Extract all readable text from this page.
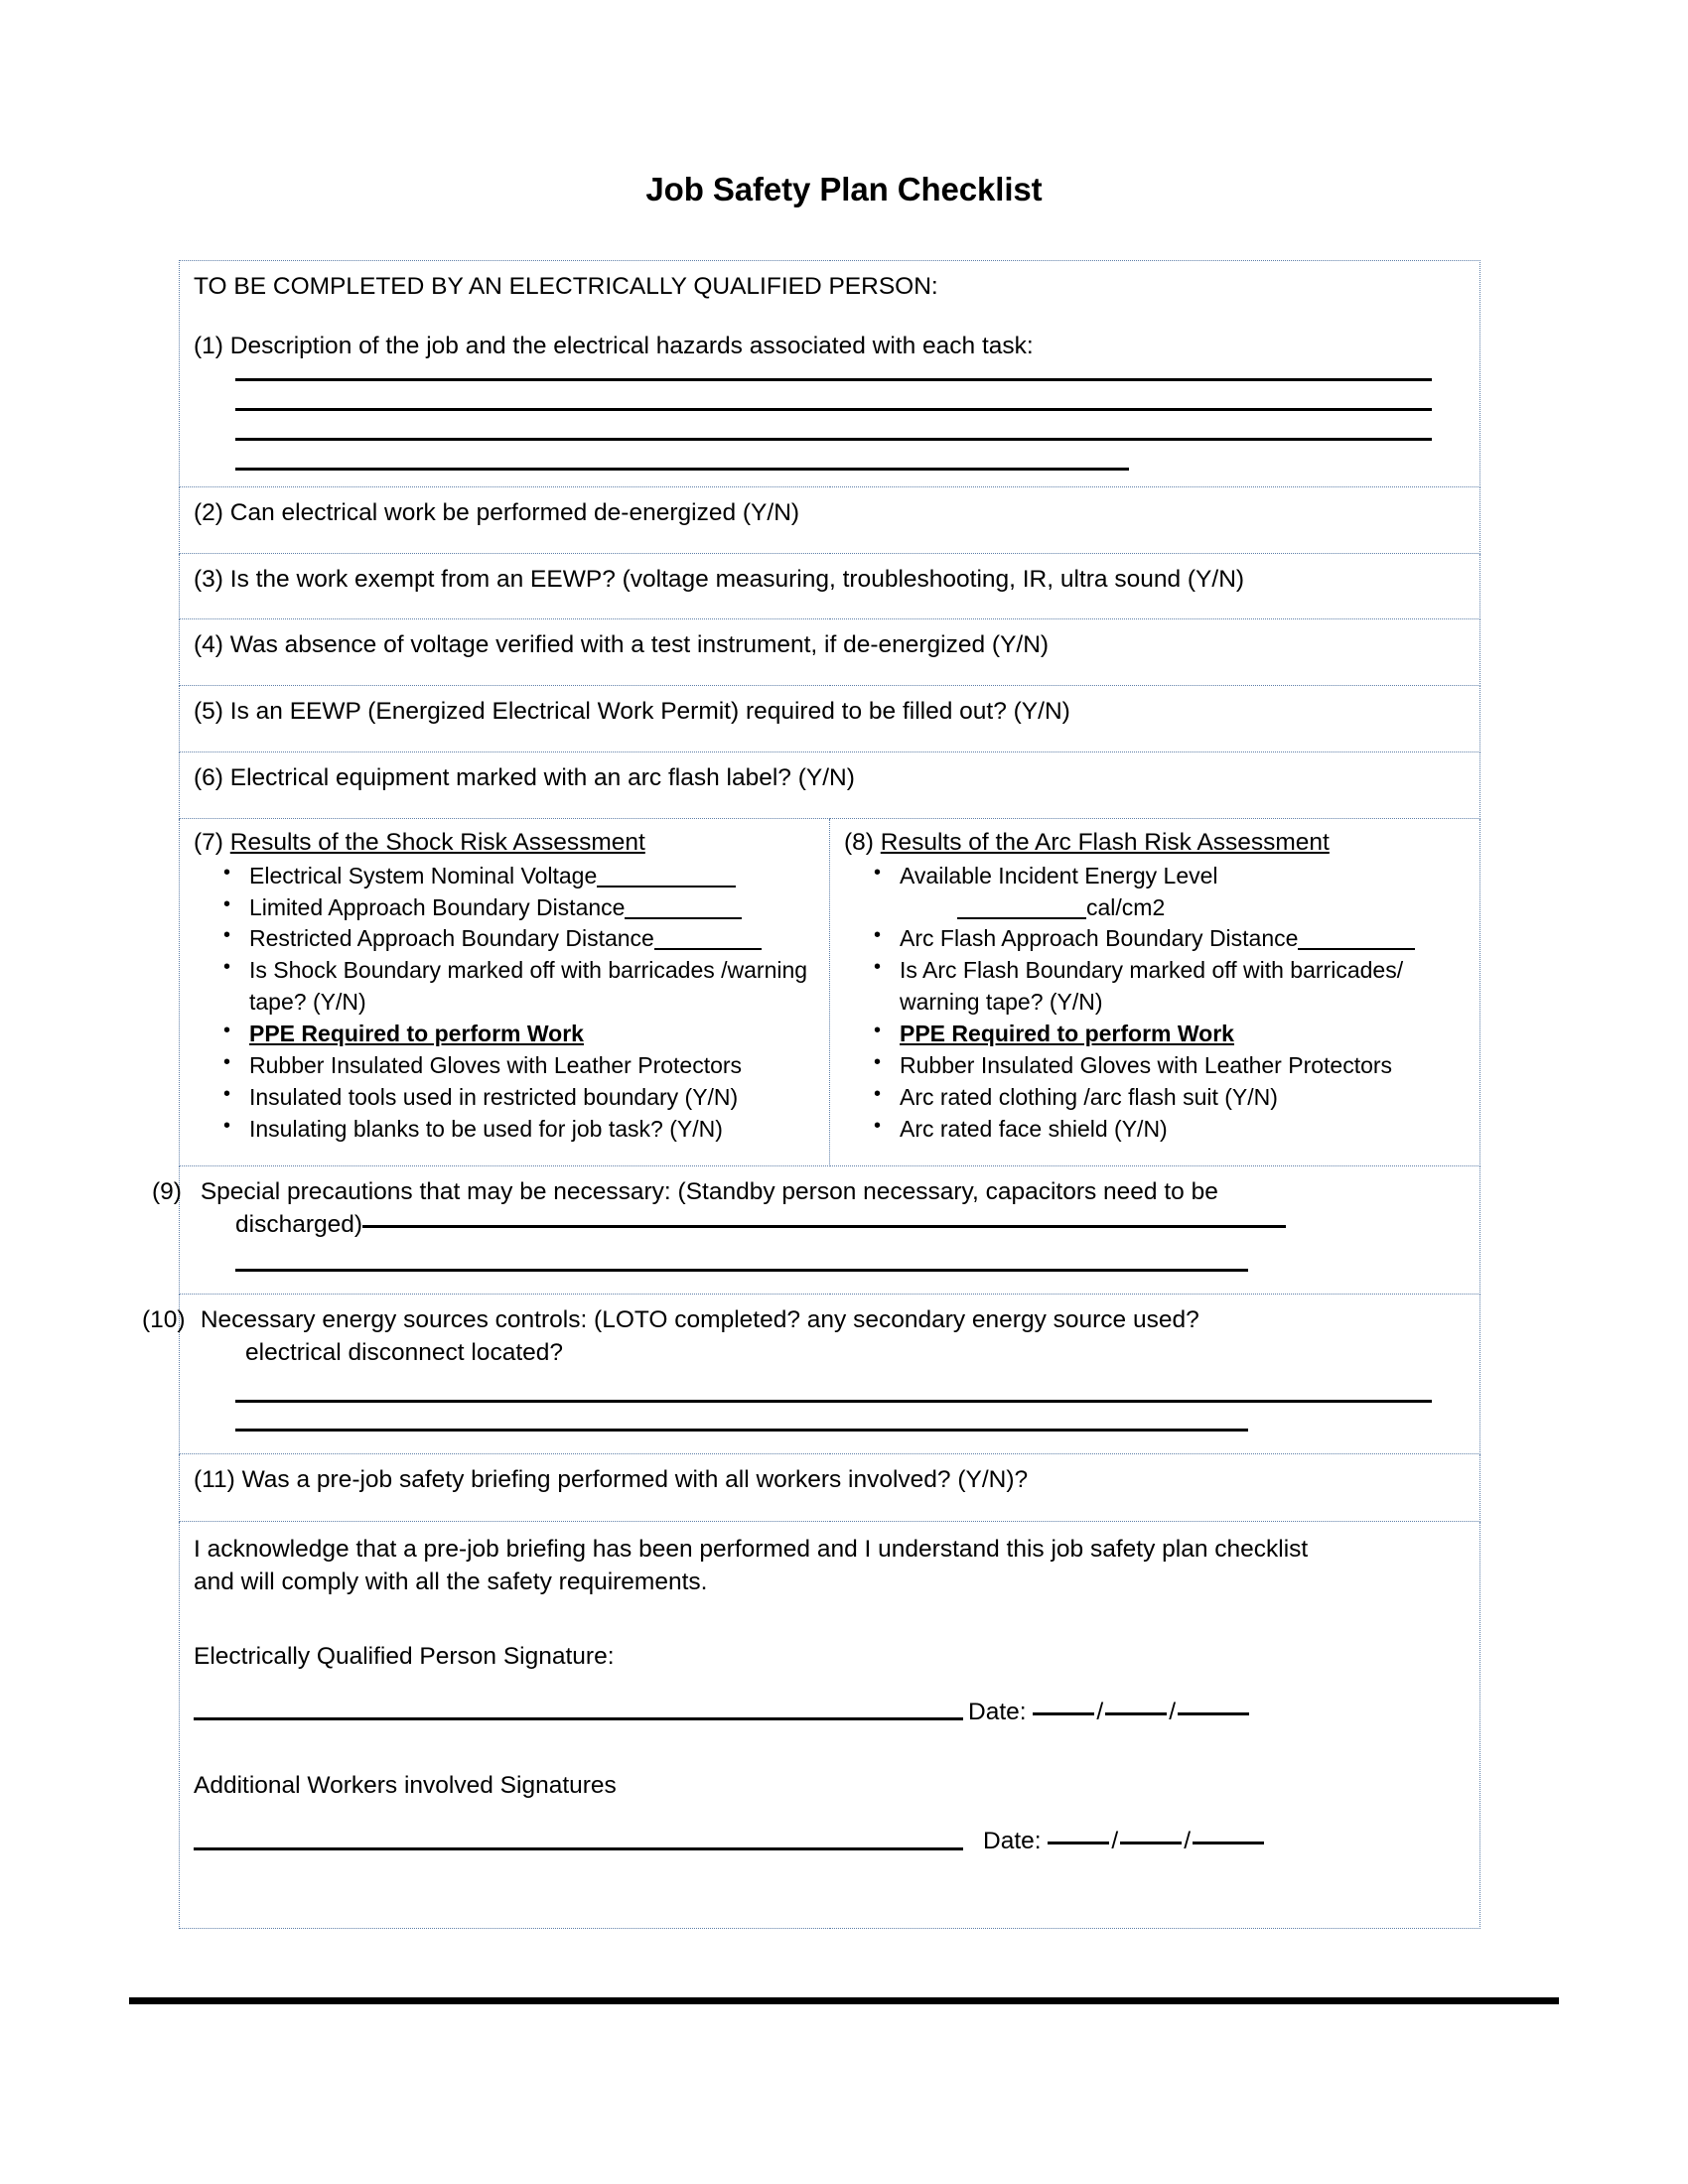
Job Safety Plan Checklist
TO BE COMPLETED BY AN ELECTRICALLY QUALIFIED PERSON:
(1) Description of the job and the electrical hazards associated with each task:

(2) Can electrical work be performed de-energized (Y/N)

(3) Is the work exempt from an EEWP? (voltage measuring, troubleshooting, IR, ultra sound (Y/N)

(4) Was absence of voltage verified with a test instrument, if de-energized (Y/N)

(5) Is an EEWP (Energized Electrical Work Permit) required to be filled out? (Y/N)

(6) Electrical equipment marked with an arc flash label? (Y/N)

(7) Results of the Shock Risk Assessment
• Electrical System Nominal Voltage
• Limited Approach Boundary Distance
• Restricted Approach Boundary Distance
• Is Shock Boundary marked off with barricades /warning tape? (Y/N)
• PPE Required to perform Work
• Rubber Insulated Gloves with Leather Protectors
• Insulated tools used in restricted boundary (Y/N)
• Insulating blanks to be used for job task? (Y/N)

(8) Results of the Arc Flash Risk Assessment
• Available Incident Energy Level
cal/cm2
• Arc Flash Approach Boundary Distance
• Is Arc Flash Boundary marked off with barricades/ warning tape? (Y/N)
• PPE Required to perform Work
• Rubber Insulated Gloves with Leather Protectors
• Arc rated clothing /arc flash suit (Y/N)
• Arc rated face shield (Y/N)

(9) Special precautions that may be necessary: (Standby person necessary, capacitors need to be
discharged)

(10) Necessary energy sources controls: (LOTO completed? any secondary energy source used?
electrical disconnect located?

(11) Was a pre-job safety briefing performed with all workers involved? (Y/N)?

I acknowledge that a pre-job briefing has been performed and I understand this job safety plan checklist
and will comply with all the safety requirements.
Electrically Qualified Person Signature:
Date:	/	/
Additional Workers involved Signatures
Date:	/	/
